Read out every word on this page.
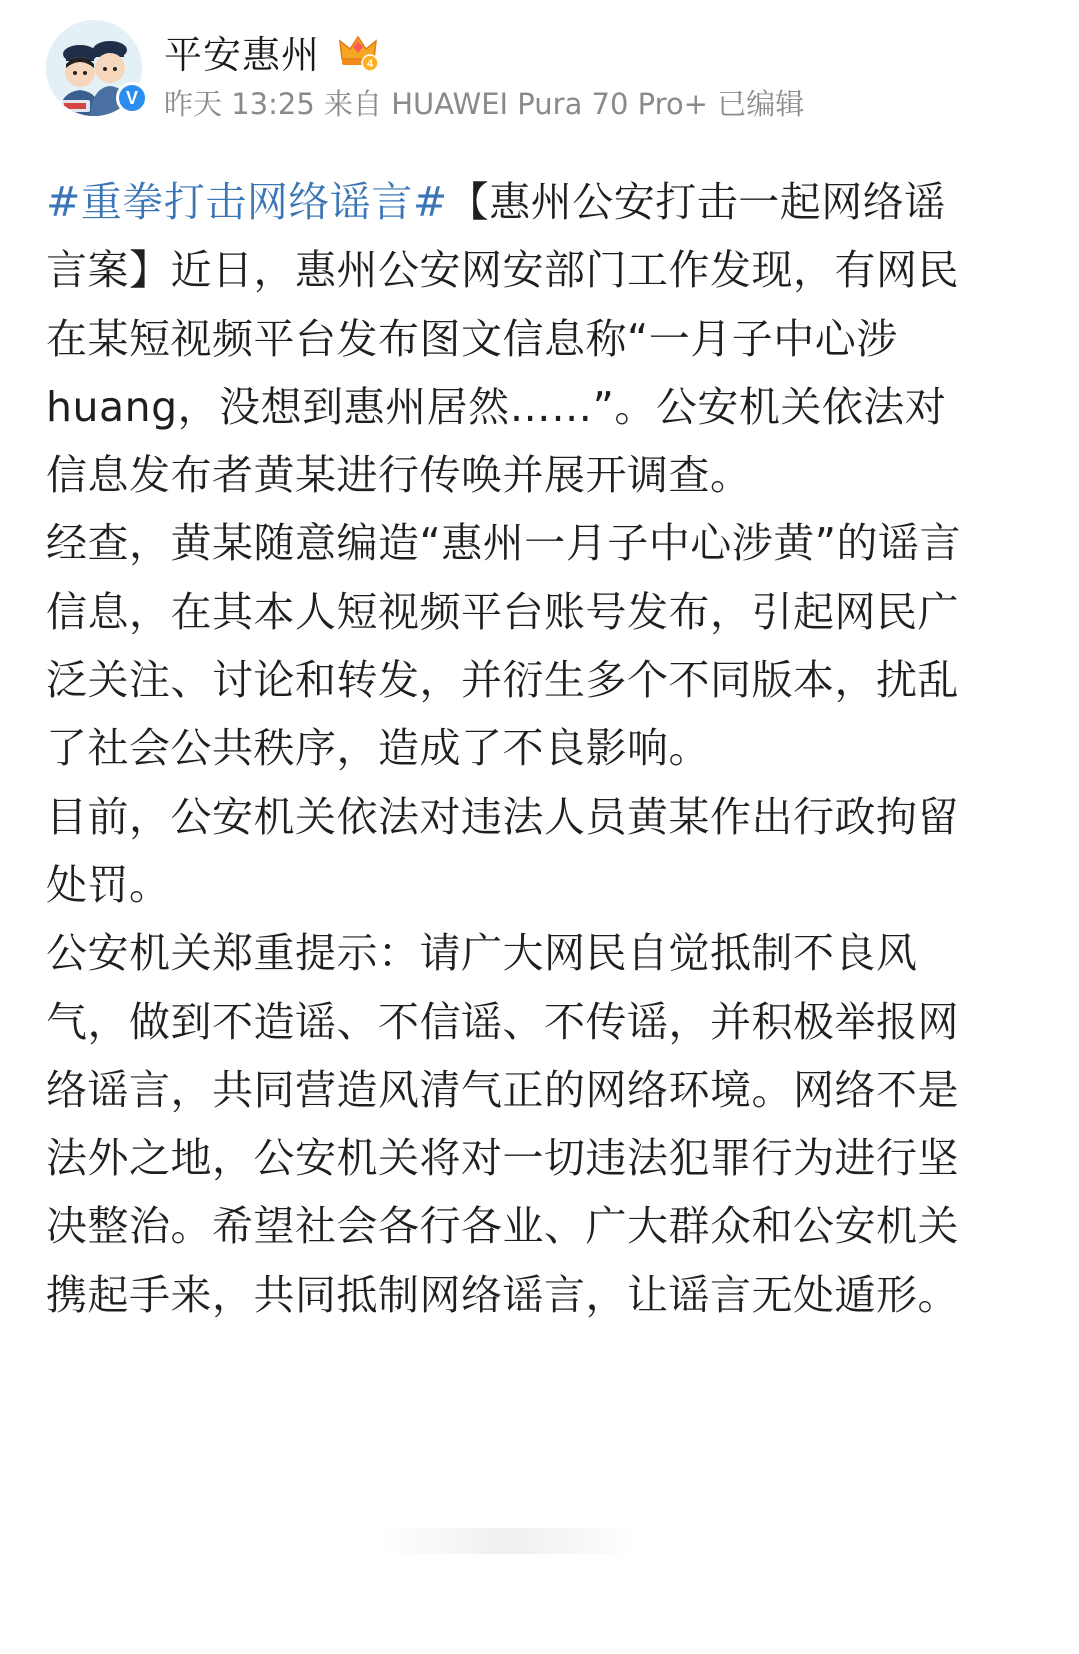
V
平安惠州	4
昨天 13:25 来自 HUAWEI Pura 70 Pro+ 已编辑

#重拳打击网络谣言#【惠州公安打击一起网络谣言案】近日，惠州公安网安部门工作发现，有网民在某短视频平台发布图文信息称“一月子中心涉huang，没想到惠州居然……”。公安机关依法对信息发布者黄某进行传唤并展开调查。

经查，黄某随意编造“惠州一月子中心涉黄”的谣言信息，在其本人短视频平台账号发布，引起网民广泛关注、讨论和转发，并衍生多个不同版本，扰乱了社会公共秩序，造成了不良影响。

目前，公安机关依法对违法人员黄某作出行政拘留处罚。

公安机关郑重提示：请广大网民自觉抵制不良风气，做到不造谣、不信谣、不传谣，并积极举报网络谣言，共同营造风清气正的网络环境。网络不是法外之地，公安机关将对一切违法犯罪行为进行坚决整治。希望社会各行各业、广大群众和公安机关携起手来，共同抵制网络谣言，让谣言无处遁形。
